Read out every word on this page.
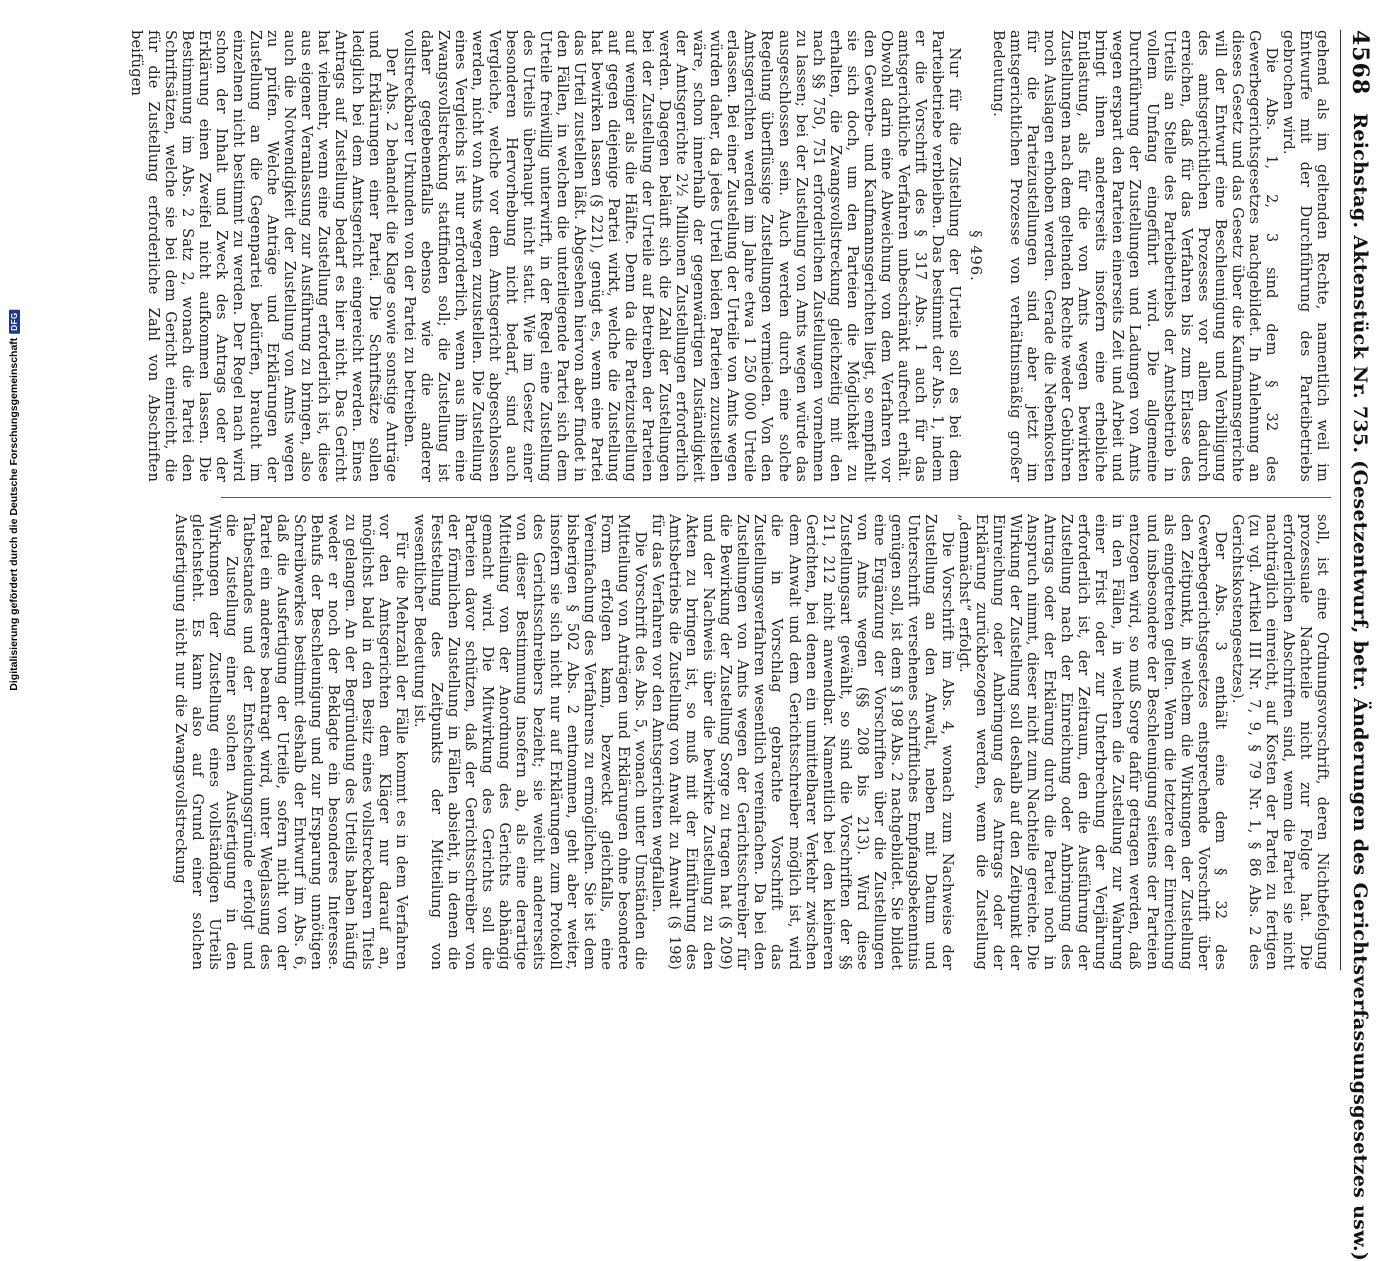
Digitalisierung gefördert durch die Deutsche Forschungsgemeinschaft
DFG
4568
Reichstag. Aktenstück Nr. 735. (Gesetzentwurf, betr. Änderungen des Gerichtsverfassungsgesetzes usw.)

gehend als im geltenden Rechte, namentlich weil im Entwurfe mit der Durchführung des Parteibetriebs gebrochen wird.

Die Abs. 1, 2, 3 sind dem § 32 des Gewerbegerichtsgesetzes nachgebildet. In Anlehnung an dieses Gesetz und das Gesetz über die Kaufmannsgerichte will der Entwurf eine Beschleunigung und Verbilligung des amtsgerichtlichen Prozesses vor allem dadurch erreichen, daß für das Verfahren bis zum Erlasse des Urteils an Stelle des Parteibetriebs der Amtsbetrieb in vollem Umfang eingeführt wird. Die allgemeine Durchführung der Zustellungen und Ladungen von Amts wegen erspart den Parteien einerseits Zeit und Arbeit und bringt ihnen andererseits insofern eine erhebliche Entlastung, als für die von Amts wegen bewirkten Zustellungen nach dem geltenden Rechte weder Gebühren noch Auslagen erhoben werden. Gerade die Nebenkosten für die Parteizustellungen sind aber jetzt im amtsgerichtlichen Prozesse von verhältnismäßig großer Bedeutung.

§ 496.

Nur für die Zustellung der Urteile soll es bei dem Parteibetriebe verbleiben. Das bestimmt der Abs. 1, indem er die Vorschrift des § 317 Abs. 1 auch für das amtsgerichtliche Verfahren unbeschränkt aufrecht erhält. Obwohl darin eine Abweichung von dem Verfahren vor den Gewerbe- und Kaufmannsgerichten liegt, so empfiehlt sie sich doch, um den Parteien die Möglichkeit zu erhalten, die Zwangsvollstreckung gleichzeitig mit den nach §§ 750, 751 erforderlichen Zustellungen vornehmen zu lassen; bei der Zustellung von Amts wegen würde das ausgeschlossen sein. Auch werden durch eine solche Regelung überflüssige Zustellungen vermieden. Von den Amtsgerichten werden im Jahre etwa 1 250 000 Urteile erlassen. Bei einer Zustellung der Urteile von Amts wegen würden daher, da jedes Urteil beiden Parteien zuzustellen wäre, schon innerhalb der gegenwärtigen Zuständigkeit der Amtsgerichte 2½ Millionen Zustellungen erforderlich werden. Dagegen beläuft sich die Zahl der Zustellungen bei der Zustellung der Urteile auf Betreiben der Parteien auf weniger als die Hälfte. Denn da die Parteizustellung auf gegen diejenige Partei wirkt, welche die Zustellung hat bewirken lassen (§ 221), genügt es, wenn eine Partei das Urteil zustellen läßt. Abgesehen hiervon aber findet in den Fällen, in welchen die unterliegende Partei sich dem Urteile freiwillig unterwirft, in der Regel eine Zustellung des Urteils überhaupt nicht statt. Wie im Gesetz einer besonderen Hervorhebung nicht bedarf, sind auch Vergleiche, welche vor dem Amtsgericht abgeschlossen werden, nicht von Amts wegen zuzustellen. Die Zustellung eines Vergleichs ist nur erforderlich, wenn aus ihm eine Zwangsvollstreckung stattfinden soll; die Zustellung ist daher gegebenenfalls ebenso wie die anderer vollstreckbarer Urkunden von der Partei zu betreiben.

Der Abs. 2 behandelt die Klage sowie sonstige Anträge und Erklärungen einer Partei. Die Schriftsätze sollen lediglich bei dem Amtsgericht eingereicht werden. Eines Antrags auf Zustellung bedarf es hier nicht. Das Gericht hat vielmehr, wenn eine Zustellung erforderlich ist, diese aus eigener Veranlassung zur Ausführung zu bringen, also auch die Notwendigkeit der Zustellung von Amts wegen zu prüfen. Welche Anträge und Erklärungen der Zustellung an die Gegenpartei bedürfen, braucht im einzelnen nicht bestimmt zu werden. Der Regel nach wird schon der Inhalt und Zweck des Antrags oder der Erklärung einen Zweifel nicht aufkommen lassen. Die Bestimmung im Abs. 2 Satz 2, wonach die Partei den Schriftsätzen, welche sie bei dem Gericht einreicht, die für die Zustellung erforderliche Zahl von Abschriften beifügen

soll, ist eine Ordnungsvorschrift, deren Nichtbefolgung prozessuale Nachteile nicht zur Folge hat. Die erforderlichen Abschriften sind, wenn die Partei sie nicht nachträglich einreicht, auf Kosten der Partei zu fertigen (zu vgl. Artikel III Nr. 7, 9, § 79 Nr. 1, § 86 Abs. 2 des Gerichtskostengesetzes).

Der Abs. 3 enthält eine dem § 32 des Gewerbegerichtsgesetzes entsprechende Vorschrift über den Zeitpunkt, in welchem die Wirkungen der Zustellung als eingetreten gelten. Wenn die letztere der Einreichung und insbesondere der Beschleunigung seitens der Parteien entzogen wird, so muß Sorge dafür getragen werden, daß in den Fällen, in welchen die Zustellung zur Wahrung einer Frist oder zur Unterbrechung der Verjährung erforderlich ist, der Zeitraum, den die Ausführung der Zustellung nach der Einreichung oder Anbringung des Antrags oder der Erklärung durch die Partei noch in Anspruch nimmt, dieser nicht zum Nachteile gereiche. Die Wirkung der Zustellung soll deshalb auf den Zeitpunkt der Einreichung oder Anbringung des Antrags oder der Erklärung zurückbezogen werden, wenn die Zustellung „demnächst“ erfolgt.

Die Vorschrift im Abs. 4, wonach zum Nachweise der Zustellung an den Anwalt, neben mit Datum und Unterschrift versehenes schriftliches Empfangsbekenntnis genügen soll, ist dem § 198 Abs. 2 nachgebildet. Sie bildet eine Ergänzung der Vorschriften über die Zustellungen von Amts wegen (§§ 208 bis 213). Wird diese Zustellungsart gewählt, so sind die Vorschriften der §§ 211, 212 nicht anwendbar. Namentlich bei den kleineren Gerichten, bei denen ein unmittelbarer Verkehr zwischen dem Anwalt und dem Gerichtsschreiber möglich ist, wird die in Vorschlag gebrachte Vorschrift das Zustellungsverfahren wesentlich vereinfachen. Da bei den Zustellungen von Amts wegen der Gerichtsschreiber für die Bewirkung der Zustellung Sorge zu tragen hat (§ 209) und der Nachweis über die bewirkte Zustellung zu den Akten zu bringen ist, so muß mit der Einführung des Amtsbetriebs die Zustellung von Anwalt zu Anwalt (§ 198) für das Verfahren vor den Amtsgerichten wegfallen.

Die Vorschrift des Abs. 5, wonach unter Umständen die Mitteilung von Anträgen und Erklärungen ohne besondere Form erfolgen kann, bezweckt gleichfalls, eine Vereinfachung des Verfahrens zu ermöglichen. Sie ist dem bisherigen § 502 Abs. 2 entnommen, geht aber weiter, insofern sie sich nicht nur auf Erklärungen zum Protokoll des Gerichtsschreibers bezieht; sie weicht andererseits von dieser Bestimmung insofern ab, als eine derartige Mitteilung von der Anordnung des Gerichts abhängig gemacht wird. Die Mitwirkung des Gerichts soll die Parteien davor schützen, daß der Gerichtsschreiber von der förmlichen Zustellung in Fällen absieht, in denen die Feststellung des Zeitpunkts der Mitteilung von wesentlicher Bedeutung ist.

Für die Mehrzahl der Fälle kommt es in dem Verfahren vor den Amtsgerichten dem Kläger nur darauf an, möglichst bald in den Besitz eines vollstreckbaren Titels zu gelangen. An der Begründung des Urteils haben häufig weder er noch der Beklagte ein besonderes Interesse. Behufs der Beschleunigung und zur Ersparung unnötigen Schreibwerkes bestimmt deshalb der Entwurf im Abs. 6, daß die Ausfertigung der Urteile, sofern nicht von der Partei ein anderes beantragt wird, unter Weglassung des Tatbestandes und der Entscheidungsgründe erfolgt und die Zustellung einer solchen Ausfertigung in den Wirkungen der Zustellung eines vollständigen Urteils gleichsteht. Es kann also auf Grund einer solchen Ausfertigung nicht nur die Zwangsvollstreckung
